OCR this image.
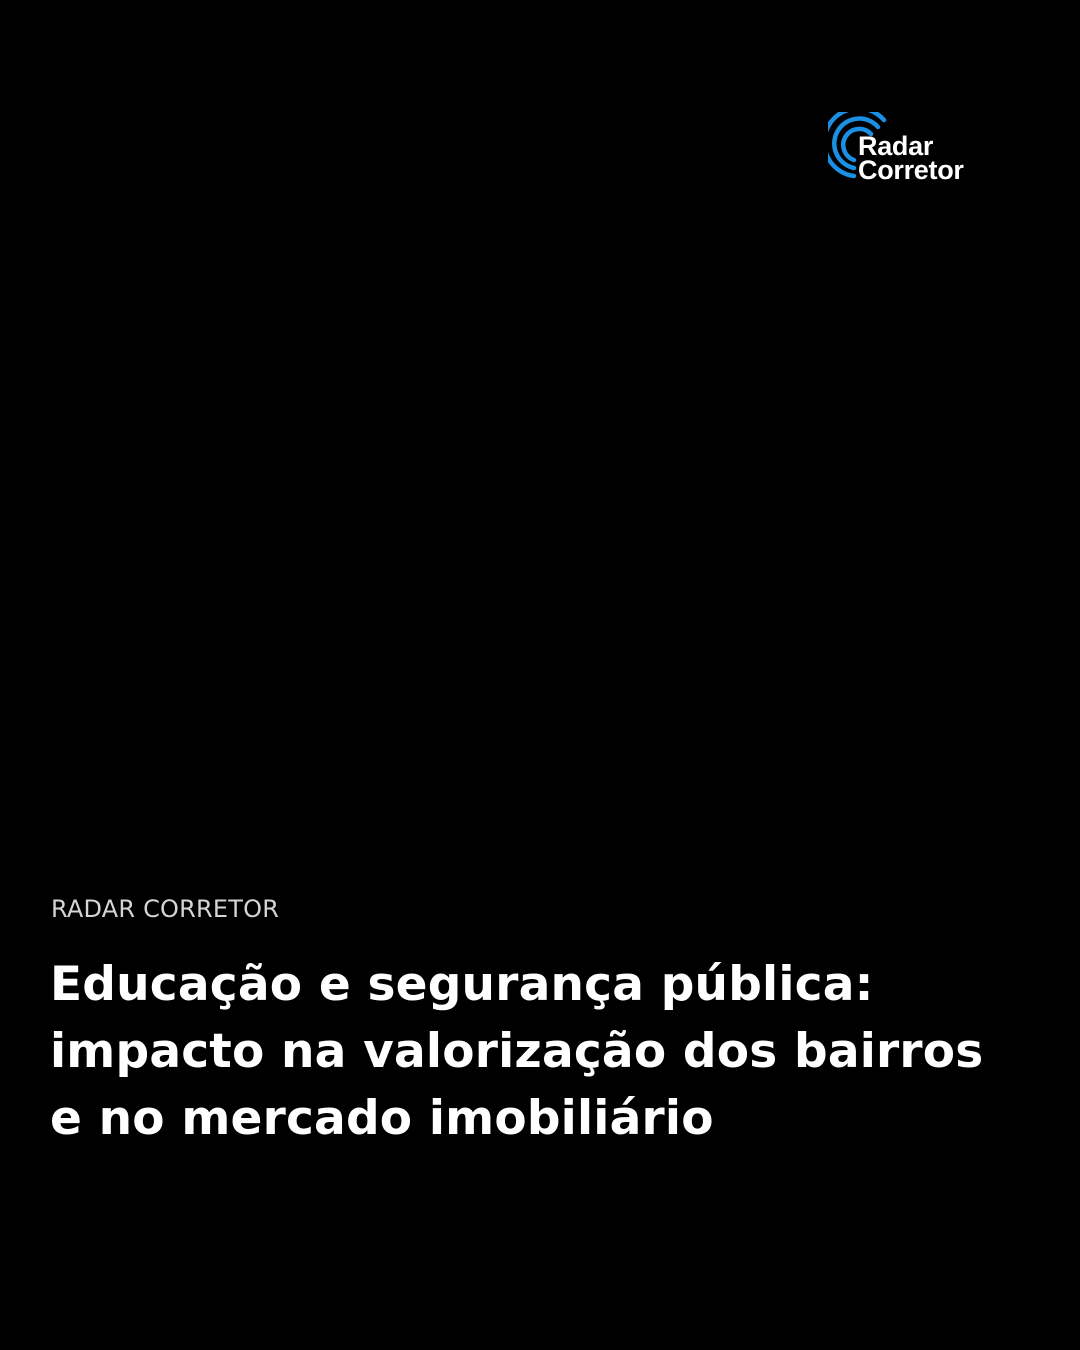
Radar
Corretor
RADAR CORRETOR
Educação e segurança pública:
impacto na valorização dos bairros
e no mercado imobiliário
